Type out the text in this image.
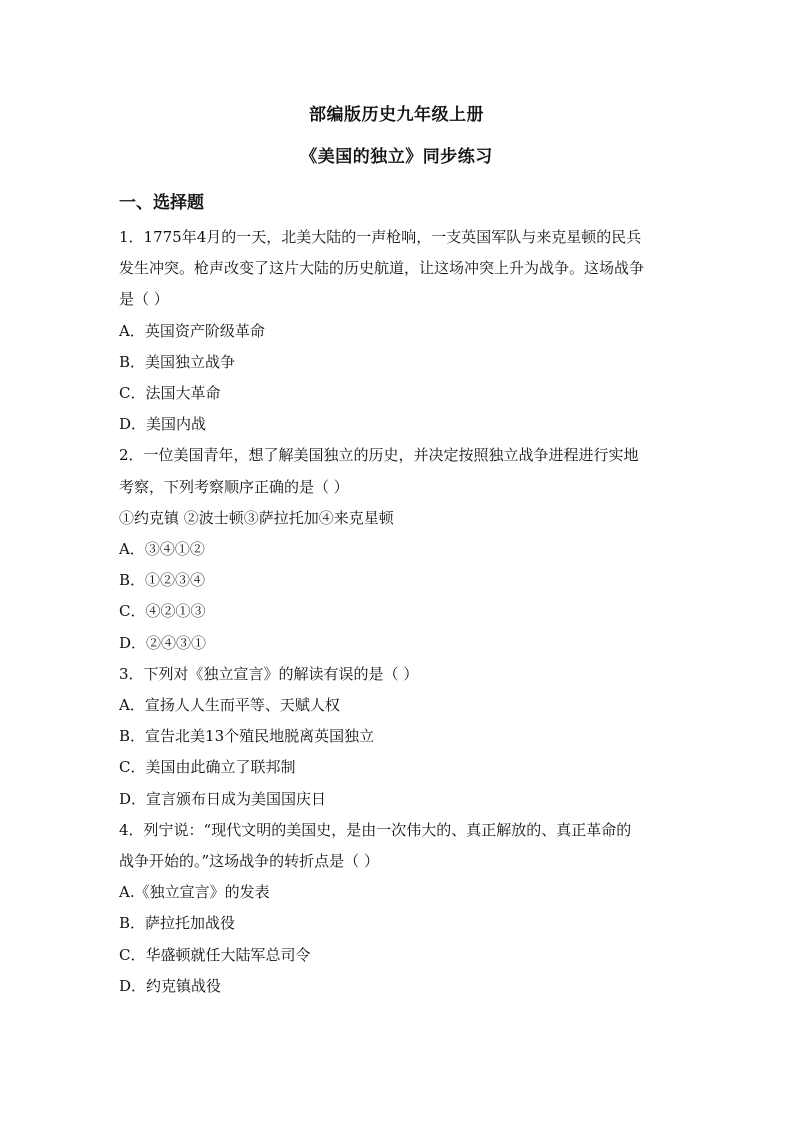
部编版历史九年级上册
《美国的独立》同步练习
一、选择题
1．1775年4月的一天，北美大陆的一声枪响，一支英国军队与来克星顿的民兵
发生冲突。枪声改变了这片大陆的历史航道，让这场冲突上升为战争。这场战争
是（ ）
A．英国资产阶级革命
B．美国独立战争
C．法国大革命
D．美国内战
2．一位美国青年，想了解美国独立的历史，并决定按照独立战争进程进行实地
考察，下列考察顺序正确的是（ ）
①约克镇 ②波士顿③萨拉托加④来克星顿
A．③④①②
B．①②③④
C．④②①③
D．②④③①
3．下列对《独立宣言》的解读有误的是（ ）
A．宣扬人人生而平等、天赋人权
B．宣告北美13个殖民地脱离英国独立
C．美国由此确立了联邦制
D．宣言颁布日成为美国国庆日
4．列宁说：“现代文明的美国史，是由一次伟大的、真正解放的、真正革命的
战争开始的。”这场战争的转折点是（ ）
A.《独立宣言》的发表
B．萨拉托加战役
C．华盛顿就任大陆军总司令
D．约克镇战役
